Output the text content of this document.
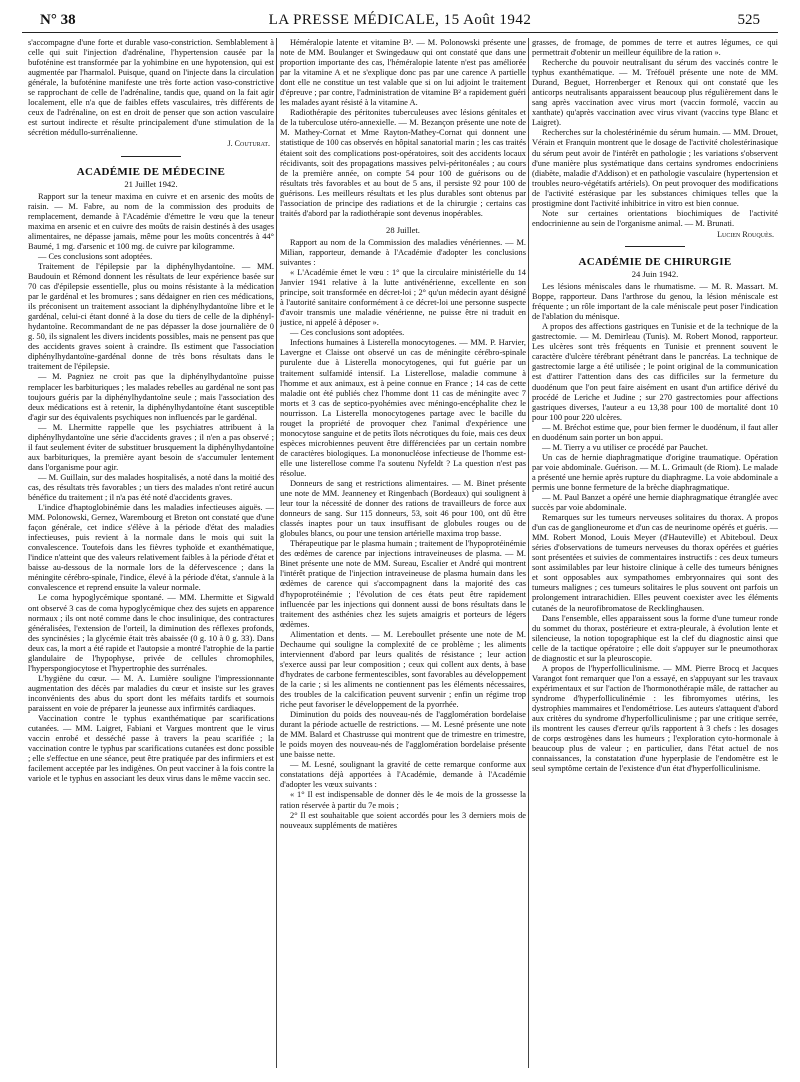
N° 38	LA PRESSE MÉDICALE, 15 Août 1942	525

s'accompagne d'une forte et durable vaso-constriction. Semblablement à celle qui suit l'injection d'adrénaline, l'hypertension causée par la bufoténine est transformée par la yohimbine en une hypotension, qui est augmentée par l'harmalol. Puisque, quand on l'injecte dans la circulation générale, la bufoténine manifeste une très forte action vaso-constrictive se rapprochant de celle de l'adrénaline, tandis que, quand on la fait agir localement, elle n'a que de faibles effets vasculaires, très différents de ceux de l'adrénaline, on est en droit de penser que son action vasculaire est surtout indirecte et résulte principalement d'une stimulation de la sécrétion médullo-surrénalienne.

J. Couturat.
ACADÉMIE DE MÉDECINE
21 Juillet 1942.

Rapport sur la teneur maxima en cuivre et en arsenic des moûts de raisin. — M. Fabre, au nom de la commission des produits de remplacement, demande à l'Académie d'émettre le vœu que la teneur maxima en arsenic et en cuivre des moûts de raisin destinés à des usages alimentaires, ne dépasse jamais, même pour les moûts concentrés à 44° Baumé, 1 mg. d'arsenic et 100 mg. de cuivre par kilogramme.

— Ces conclusions sont adoptées.

Traitement de l'épilepsie par la diphénylhydantoïne. — MM. Baudouin et Rémond donnent les résultats de leur expérience basée sur 70 cas d'épilepsie essentielle, plus ou moins résistante à la médication par le gardénal et les bromures ; sans dédaigner en rien ces médications, ils préconisent un traitement associant la diphénylhydantoïne libre et le gardénal, celui-ci étant donné à la dose du tiers de celle de la diphényl-hydantoïne. Recommandant de ne pas dépasser la dose journalière de 0 g. 50, ils signalent les divers incidents possibles, mais ne pensent pas que des accidents graves soient à craindre. Ils estiment que l'association diphénylhydantoïne-gardénal donne de très bons résultats dans le traitement de l'épilepsie.

— M. Pagniez ne croit pas que la diphénylhydantoïne puisse remplacer les barbituriques ; les malades rebelles au gardénal ne sont pas toujours guéris par la diphénylhydantoïne seule ; mais l'association des deux médications est à retenir, la diphénylhydantoïne étant susceptible d'agir sur des équivalents psychiques non influencés par le gardénal.

— M. Lhermitte rappelle que les psychiatres attribuent à la diphénylhydantoïne une série d'accidents graves ; il n'en a pas observé ; il faut seulement éviter de substituer brusquement la diphénylhydantoïne aux barbituriques, la première ayant besoin de s'accumuler lentement dans l'organisme pour agir.

— M. Guillain, sur des malades hospitalisés, a noté dans la moitié des cas, des résultats très favorables ; un tiers des malades n'ont retiré aucun bénéfice du traitement ; il n'a pas été noté d'accidents graves.

L'indice d'haptoglobinémie dans les maladies infectieuses aiguës. — MM. Polonowski, Gernez, Warembourg et Breton ont constaté que d'une façon générale, cet indice s'élève à la période d'état des maladies infectieuses, puis revient à la normale dans le mois qui suit la convalescence. Toutefois dans les fièvres typhoïde et exanthématique, l'indice n'atteint que des valeurs relativement faibles à la période d'état et baisse au-dessous de la normale lors de la défervescence ; dans la méningite cérébro-spinale, l'indice, élevé à la période d'état, s'annule à la convalescence et reprend ensuite la valeur normale.

Le coma hypoglycémique spontané. — MM. Lhermitte et Sigwald ont observé 3 cas de coma hypoglycémique chez des sujets en apparence normaux ; ils ont noté comme dans le choc insulinique, des contractures généralisées, l'extension de l'orteil, la diminution des réflexes profonds, des syncinésies ; la glycémie était très abaissée (0 g. 10 à 0 g. 33). Dans deux cas, la mort a été rapide et l'autopsie a montré l'atrophie de la partie glandulaire de l'hypophyse, privée de cellules chromophiles, l'hyperspongiocytose et l'hypertrophie des surrénales.

L'hygiène du cœur. — M. A. Lumière souligne l'impressionnante augmentation des décès par maladies du cœur et insiste sur les graves inconvénients des abus du sport dont les méfaits tardifs et sournois paraissent en voie de préparer la jeunesse aux infirmités cardiaques.

Vaccination contre le typhus exanthématique par scarifications cutanées. — MM. Laigret, Fabiani et Vargues montrent que le virus vaccin enrobé et desséché passe à travers la peau scarifiée ; la vaccination contre le typhus par scarifications cutanées est donc possible ; elle s'effectue en une séance, peut être pratiquée par des infirmiers et est facilement acceptée par les indigènes. On peut vacciner à la fois contre la variole et le typhus en associant les deux virus dans le même vaccin sec.

Héméralopie latente et vitamine B². — M. Polonowski présente une note de MM. Boulanger et Swingedauw qui ont constaté que dans une proportion importante des cas, l'héméralopie latente n'est pas améliorée par la vitamine A et ne s'explique donc pas par une carence A partielle dont elle ne constitue un test valable que si on lui adjoint le traitement d'épreuve ; par contre, l'administration de vitamine B² a rapidement guéri les malades ayant résisté à la vitamine A.

Radiothérapie des péritonites tuberculeuses avec lésions génitales et de la tuberculose utéro-annexielle. — M. Bezançon présente une note de M. Mathey-Cornat et Mme Rayton-Mathey-Cornat qui donnent une statistique de 100 cas observés en hôpital sanatorial marin ; les cas traités étaient soit des complications post-opératoires, soit des accidents locaux récidivants, soit des propagations massives pelvi-péritonéales ; au cours de la première année, on compte 54 pour 100 de guérisons ou de résultats très favorables et au bout de 5 ans, il persiste 92 pour 100 de guérisons. Les meilleurs résultats et les plus durables sont obtenus par l'association de principe des radiations et de la chirurgie ; certains cas traités d'abord par la radiothérapie sont devenus inopérables.

28 Juillet.

Rapport au nom de la Commission des maladies vénériennes. — M. Milian, rapporteur, demande à l'Académie d'adopter les conclusions suivantes :

« L'Académie émet le vœu : 1° que la circulaire ministérielle du 14 Janvier 1941 relative à la lutte antivénérienne, excellente en son principe, soit transformée en décret-loi ; 2° qu'un médecin ayant désigné à l'autorité sanitaire conformément à ce décret-loi une personne suspecte d'avoir transmis une maladie vénérienne, ne puisse être ni traduit en justice, ni appelé à déposer ».

— Ces conclusions sont adoptées.

Infections humaines à Listerella monocytogenes. — MM. P. Harvier, Lavergne et Claisse ont observé un cas de méningite cérébro-spinale purulente due à Listerella monocytogenes, qui fut guérie par un traitement sulfamidé intensif. La Listerellose, maladie commune à l'homme et aux animaux, est à peine connue en France ; 14 cas de cette maladie ont été publiés chez l'homme dont 11 cas de méningite avec 7 morts et 3 cas de septico-pyohémies avec méningo-encéphalite chez le nourrisson. La Listerella monocytogenes partage avec le bacille du rouget la propriété de provoquer chez l'animal d'expérience une monocytose sanguine et de petits îlots nécrotiques du foie, mais ces deux espèces microbiennes peuvent être différenciées par un certain nombre de caractères biologiques. La mononucléose infectieuse de l'homme est-elle une listerellose comme l'a soutenu Nyfeldt ? La question n'est pas résolue.

Donneurs de sang et restrictions alimentaires. — M. Binet présente une note de MM. Jeanneney et Ringenbach (Bordeaux) qui soulignent à leur tour la nécessité de donner des rations de travailleurs de force aux donneurs de sang. Sur 115 donneurs, 53, soit 46 pour 100, ont dû être classés inaptes pour un taux insuffisant de globules rouges ou de globules blancs, ou pour une tension artérielle maxima trop basse.

Thérapeutique par le plasma humain ; traitement de l'hypoprotéinémie des œdèmes de carence par injections intraveineuses de plasma. — M. Binet présente une note de MM. Sureau, Escalier et André qui montrent l'intérêt pratique de l'injection intraveineuse de plasma humain dans les œdèmes de carence qui s'accompagnent dans la majorité des cas d'hypoprotéinémie ; l'évolution de ces états peut être rapidement influencée par les injections qui donnent aussi de bons résultats dans le traitement des asthénies chez les sujets amaigris et porteurs de légers œdèmes.

Alimentation et dents. — M. Lereboullet présente une note de M. Dechaume qui souligne la complexité de ce problème ; les aliments interviennent d'abord par leurs qualités de résistance ; leur action s'exerce aussi par leur composition ; ceux qui collent aux dents, à base d'hydrates de carbone fermentescibles, sont favorables au développement de la carie ; si les aliments ne contiennent pas les éléments nécessaires, des troubles de la calcification peuvent survenir ; enfin un régime trop riche peut favoriser le développement de la pyorrhée.

Diminution du poids des nouveau-nés de l'agglomération bordelaise durant la période actuelle de restrictions. — M. Lesné présente une note de MM. Balard et Chastrusse qui montrent que de trimestre en trimestre, le poids moyen des nouveau-nés de l'agglomération bordelaise présente une baisse nette.

— M. Lesné, soulignant la gravité de cette remarque conforme aux constatations déjà apportées à l'Académie, demande à l'Académie d'adopter les vœux suivants :

« 1° Il est indispensable de donner dès le 4e mois de la grossesse la ration réservée à partir du 7e mois ;

2° Il est souhaitable que soient accordés pour les 3 derniers mois de nouveaux suppléments de matières

grasses, de fromage, de pommes de terre et autres légumes, ce qui permettrait d'obtenir un meilleur équilibre de la ration ».

Recherche du pouvoir neutralisant du sérum des vaccinés contre le typhus exanthématique. — M. Tréfouël présente une note de MM. Durand, Beguet, Horrenberger et Renoux qui ont constaté que les anticorps neutralisants apparaissent beaucoup plus régulièrement dans le sang après vaccination avec virus mort (vaccin formolé, vaccin au xanthate) qu'après vaccination avec virus vivant (vaccins type Blanc et Laigret).

Recherches sur la cholestérinémie du sérum humain. — MM. Drouet, Vérain et Franquin montrent que le dosage de l'activité cholestérinasique du sérum peut avoir de l'intérêt en pathologie ; les variations s'observent d'une manière plus systématique dans certains syndromes endocriniens (diabète, maladie d'Addison) et en pathologie vasculaire (hypertension et troubles neuro-végétatifs artériels). On peut provoquer des modifications de l'activité estérasique par les substances chimiques telles que la prostigmine dont l'activité inhibitrice in vitro est bien connue.

Note sur certaines orientations biochimiques de l'activité endocrinienne au sein de l'organisme animal. — M. Brunati.

Lucien Rouquès.
ACADÉMIE DE CHIRURGIE
24 Juin 1942.

Les lésions méniscales dans le rhumatisme. — M. R. Massart. M. Boppe, rapporteur. Dans l'arthrose du genou, la lésion méniscale est fréquente ; un rôle important de la cale méniscale peut poser l'indication de l'ablation du ménisque.

A propos des affections gastriques en Tunisie et de la technique de la gastrectomie. — M. Demirleau (Tunis). M. Robert Monod, rapporteur. Les ulcères sont très fréquents en Tunisie et prennent souvent le caractère d'ulcère térébrant pénétrant dans le pancréas. La technique de gastrectomie large a été utilisée ; le point original de la communication est d'attirer l'attention dans des cas difficiles sur la fermeture du duodénum que l'on peut faire aisément en usant d'un artifice dérivé du procédé de Leriche et Judine ; sur 270 gastrectomies pour affections gastriques diverses, l'auteur a eu 13,38 pour 100 de mortalité dont 10 pour 100 pour 220 ulcères.

— M. Bréchot estime que, pour bien fermer le duodénum, il faut aller en duodénum sain porter un bon appui.

— M. Tierry a vu utiliser ce procédé par Pauchet.

Un cas de hernie diaphragmatique d'origine traumatique. Opération par voie abdominale. Guérison. — M. L. Grimault (de Riom). Le malade a présenté une hernie après rupture du diaphragme. La voie abdominale a permis une bonne fermeture de la brèche diaphragmatique.

— M. Paul Banzet a opéré une hernie diaphragmatique étranglée avec succès par voie abdominale.

Remarques sur les tumeurs nerveuses solitaires du thorax. A propos d'un cas de ganglioneurome et d'un cas de neurinome opérés et guéris. — MM. Robert Monod, Louis Meyer (d'Hauteville) et Abiteboul. Deux séries d'observations de tumeurs nerveuses du thorax opérées et guéries sont présentées et suivies de commentaires instructifs : ces deux tumeurs sont assimilables par leur histoire clinique à celle des tumeurs bénignes et sont opposables aux sympathomes embryonnaires qui sont des tumeurs malignes ; ces tumeurs solitaires le plus souvent ont parfois un prolongement intrarachidien. Elles peuvent coexister avec les éléments cutanés de la neurofibromatose de Recklinghausen.

Dans l'ensemble, elles apparaissent sous la forme d'une tumeur ronde du sommet du thorax, postérieure et extra-pleurale, à évolution lente et silencieuse, la notion topographique est la clef du diagnostic ainsi que celle de la tactique opératoire ; elle doit s'appuyer sur le pneumothorax de diagnostic et sur la pleuroscopie.

A propos de l'hyperfolliculinisme. — MM. Pierre Brocq et Jacques Varangot font remarquer que l'on a essayé, en s'appuyant sur les travaux expérimentaux et sur l'action de l'hormonothérapie mâle, de rattacher au syndrome d'hyperfolliculinémie : les fibromyomes utérins, les dystrophies mammaires et l'endométriose. Les auteurs s'attaquent d'abord aux critères du syndrome d'hyperfolliculinisme ; par une critique serrée, ils montrent les causes d'erreur qu'ils rapportent à 3 chefs : les dosages de corps œstrogènes dans les humeurs ; l'exploration cyto-hormonale à beaucoup plus de valeur ; en particulier, dans l'état actuel de nos connaissances, la constatation d'une hyperplasie de l'endomètre est le seul symptôme certain de l'existence d'un état d'hyperfolliculinisme.
